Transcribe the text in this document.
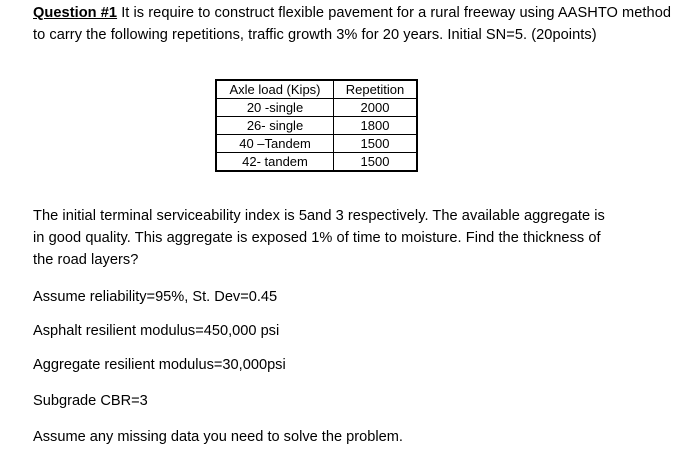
Question #1 It is require to construct flexible pavement for a rural freeway using AASHTO method to carry the following repetitions, traffic growth 3% for 20 years. Initial SN=5. (20points)
Axle load (Kips)	Repetition
20 -single	2000
26- single	1800
40 –Tandem	1500
42- tandem	1500
The initial terminal serviceability index is 5and 3 respectively. The available aggregate is in good quality. This aggregate is exposed 1% of time to moisture. Find the thickness of the road layers?
Assume reliability=95%, St. Dev=0.45
Asphalt resilient modulus=450,000 psi
Aggregate resilient modulus=30,000psi
Subgrade CBR=3
Assume any missing data you need to solve the problem.
